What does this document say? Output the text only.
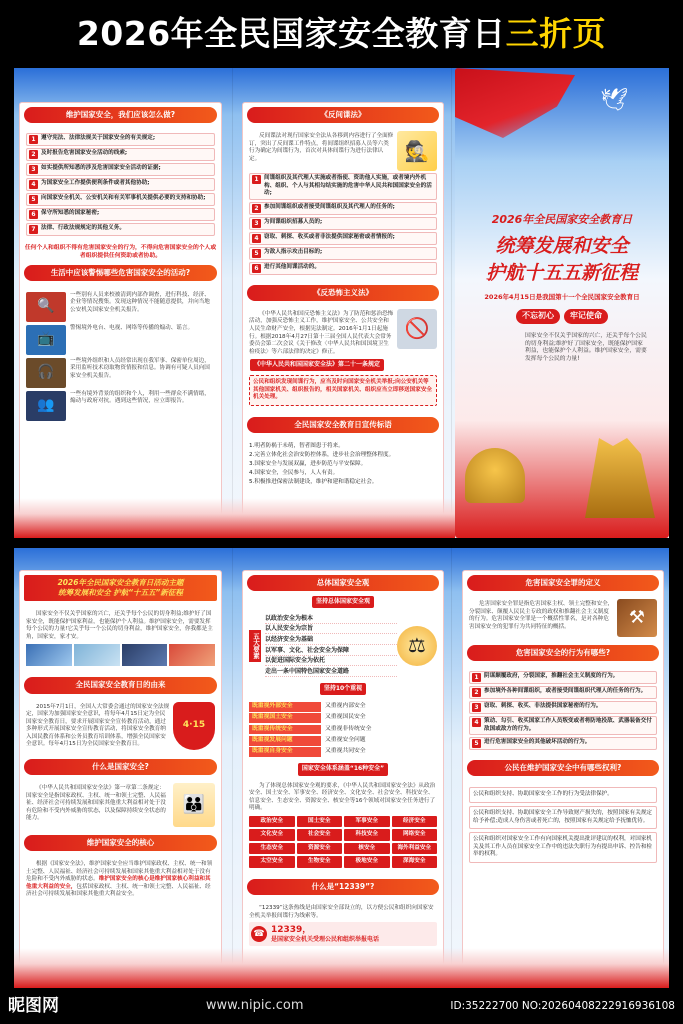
2026年全民国家安全教育日三折页
维护国家安全，我们应该怎么做?
1 遵守宪法、法律法规关于国家安全的有关规定;
2 及时报告危害国家安全活动的线索;
3 如实提供所知悉的涉及危害国家安全活动的证据;
4 为国家安全工作提供便利条件或者其他协助;
5 向国家安全机关、公安机关和有关军事机关提供必要的支持和协助;
6 保守所知悉的国家秘密;
7 法律、行政法规规定的其他义务。
任何个人和组织不得有危害国家安全的行为，不得向危害国家安全的个人或者组织提供任何资助或者协助。
生活中应该警惕哪些危害国家安全的活动?
🔍
一些别有人员来校被清到内部作调查，进行科技、经济、企业等情况搜集。发现这种情况不能随意提供，并向当地公安机关国家安全机关报告。
📺
警惕境外电台、电视、网络等传播的煽动、谣言。
🎧
一些境外组织和人员经常出现在我军事、保密单位周边，采用监听技术窃取物资情报和信息。协调有可疑人员向国家安全机关报告。
👥
一些有境外背景的组织和个人，利用一些群众不满情绪，煽动与政府对抗。遇到这些情况，应立即报告。
《反间谍法》
反间谍法对现行国家安全法从各移到内容进行了全面修订，突出了反间谍工作特点，将间谍组织招募人员等六类行为确定为间谍行为，首次对具体间谍行为进行法律认定。	🕵
1 间谍组织及其代理人实施或者指使、资助他人实施，或者境内外机构、组织、个人与其相勾结实施的危害中华人民共和国国家安全的活动;
2 参加间谍组织或者接受间谍组织及其代理人的任务的;
3 为间谍组织招募人员的;
4 窃取、刺探、收买或者非法提供国家秘密或者情报的;
5 为敌人指示攻击目标的;
6 进行其他间谍活动的。
《反恐怖主义法》
《中华人民共和国反恐怖主义法》为了防范和惩治恐怖活动，加强反恐怖主义工作，维护国家安全、公共安全和人民生命财产安全，根据宪法制定。2016年1月1日起施行。根据2018年4月27日第十三届全国人民代表大会常务委员会第二次会议《关于修改〈中华人民共和国国境卫生检疫法〉等六部法律的决定》修正。
🚫
《中华人民共和国国家安全法》第二十一条规定
公民和组织发现间谍行为，应当及时向国家安全机关举报;向公安机关等其他国家机关、组织报告的，相关国家机关、组织应当立即移送国家安全机关处理。
全民国家安全教育日宣传标语
1.明者防祸于未萌，智者图患于将来。
2.完善立体化社会治安防控体系，进步社会治理整体程度。
3.国家安全与发展双赢，进步防范与平安保障。
4.国家安全，全民参与，人人有责。
5.积极推进保密法制建设，维护和建和谐稳定社会。
🕊
2026年全民国家安全教育日
统筹发展和安全
护航十五五新征程
2026年4月15日是我国第十一个全民国家安全教育日
不忘初心 牢记使命
国家安全不仅关乎国家的兴亡，还关乎每个公民的切身利益;维护好了国家安全，既能保护国家利益，也能保护个人利益。维护国家安全，需要发挥每个公民的力量!
2026年全民国家安全教育日活动主题
统筹发展和安全 护航“十五五”新征程
国家安全不仅关乎国家的兴亡，还关乎每个公民的切身利益;维护好了国家安全，既能保护国家利益，也能保护个人利益。维护国家安全，需要发挥每个公民的力量!它关乎每一个公民的切身利益，维护国家安全，你我都是主角，国家安，家才安。
全民国家安全教育日的由来
2015年7月1日，全国人大常委会通过的国家安全法规定，国家为加强国家安全意识，将每年4月15日定为全民国家安全教育日，要求开展国家安全宣传教育活动，通过多种形式开展国家安全宣传教育活动，将国家安全教育纳入国民教育体系和公务员教育培训体系，增强全民国家安全意识。每年4月15日为全民国家安全教育日。
4·15
什么是国家安全?
《中华人民共和国国家安全法》第一章第二条规定：国家安全是指国家政权、主权、统一和领土完整、人民福祉、经济社会可持续发展和国家其他重大利益相对处于没有危险和不受内外威胁的状态，以及保障持续安全状态的能力。
👪
维护国家安全的核心
根据《国家安全法》，维护国家安全应当维护国家政权、主权、统一和领土完整、人民福祉、经济社会可持续发展和国家其他重大利益相对处于没有危险和不受内外威胁的状态。维护国家安全的核心是维护国家核心利益和其他重大利益的安全，包括国家政权、主权、统一和领土完整、人民福祉、经济社会可持续发展和国家其他重大利益安全。
总体国家安全观
坚持总体国家安全观
五大要素
以政治安全为根本
以人民安全为宗旨
以经济安全为基础
以军事、文化、社会安全为保障
以促进国际安全为依托
走出一条中国特色国家安全道路
⚖
坚持10个重视
既重视外部安全	又重视内部安全
既重视国土安全	又重视国民安全
既重视传统安全	又重视非传统安全
既重视发展问题	又重视安全问题
既重视自身安全	又重视共同安全
国家安全体系涵盖“16种安全”
为了体现总体国家安全观的要求，《中华人民共和国国家安全法》从政治安全、国土安全、军事安全、经济安全、文化安全、社会安全、科技安全、信息安全、生态安全、资源安全、核安全等16个领域对国家安全任务进行了明确。
政治安全	国土安全	军事安全	经济安全
文化安全	社会安全	科技安全	网络安全
生态安全	资源安全	核安全	海外利益安全
太空安全	生物安全	极地安全	深海安全
什么是“12339”?
“12339”这条热线是由国家安全部设立的，以方便公民和组织向国家安全机关举报间谍行为线索等。
☎ 12339，
是国家安全机关受理公民和组织举报电话
危害国家安全罪的定义
危害国家安全罪是指危害国家主权、领土完整和安全，分裂国家、颠覆人民民主专政的政权和推翻社会主义制度的行为。危害国家安全罪是一个概括性罪名，是对各种危害国家安全的犯罪行为共同特征的概括。	⚒
危害国家安全的行为有哪些?
1 阴谋颠覆政府，分裂国家，推翻社会主义制度的行为。
2 参加境外各种间谍组织，或者接受间谍组织代理人的任务的行为。
3 窃取、刺探、收买、非法提供国家秘密的行为。
4 策动、勾引、收买国家工作人员叛变或者将防地投敌、武器装备交付敌国或敌方的行为。
5 进行危害国家安全的其他破坏活动的行为。
公民在维护国家安全中有哪些权利?
公民和组织支持、协助国家安全工作的行为受法律保护。
公民和组织支持、协助国家安全工作导致财产损失的，按照国家有关规定给予补偿;造成人身伤害或者死亡的，按照国家有关规定给予抚恤优待。
公民和组织对国家安全工作有向国家机关提出批评建议的权利，对国家机关及其工作人员在国家安全工作中的违法失职行为有提出申诉、控告和检举的权利。
昵图网	www.nipic.com	ID:35222700 NO:20260408222916936108
